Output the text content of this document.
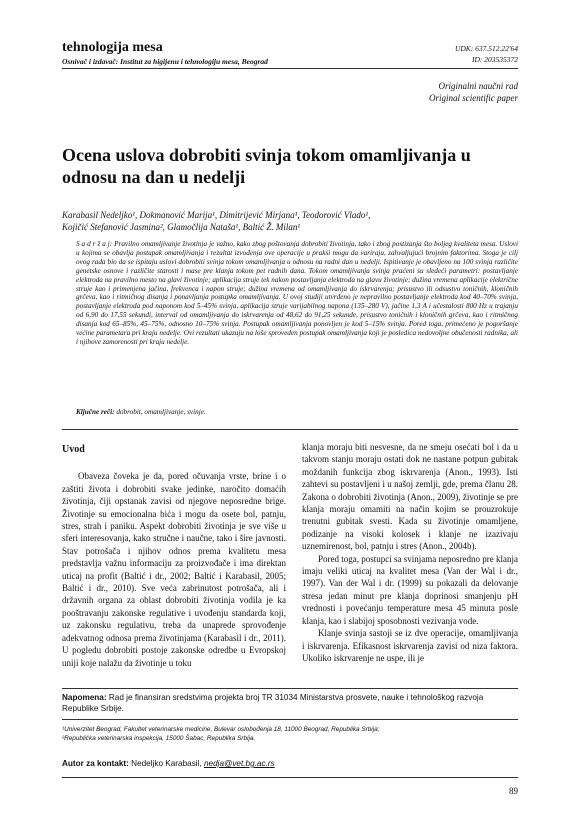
tehnologija mesa
Osnivač i izdavač: Institut za higijenu i tehnologiju mesa, Beograd
UDK: 637.512.22'64
ID: 203535372
Originalni naučni rad
Original scientific paper
Ocena uslova dobrobiti svinja tokom omamljivanja u odnosu na dan u nedelji
Karabasil Nedeljko¹, Dokmanović Marija¹, Dimitrijević Mirjana¹, Teodorović Vlado¹,
Kojičić Stefanović Jasmina², Glamočlija Nataša¹, Baltić Ž. Milan¹
S a d r ž a j: Pravilno omamljivanje životinja je važno, kako zbog poštovanja dobrobiti životinja, tako i zbog postizanja što boljeg kvaliteta mesa. Uslovi u kojima se obavlja postupak omamljivanja i rezultat izvođenja ove operacije u praksi mogu da variraju, zahvaljujući brojnim faktorima. Stoga je cilj ovog rada bio da se ispitaju uslovi dobrobiti svinja tokom omamljivanja u odnosu na radni dan u nedelji. Ispitivanje je obavljeno na 100 svinja različite genetske osnove i različite starosti i mase pre klanja tokom pet radnih dana. Tokom omamljivanja svinja praćeni su sledeći parametri: postavljanje elektroda na pravilno mesto na glavi životinje; aplikacija struje tek nakon postavljanja elektroda na glavu životinje; dužina vremena aplikacije električne struje kao i primenjena jačina, frekvenca i napon struje; dužina vremena od omamljivanja do iskrvarenja; prisustvo ili odsustvo toničnih, kloničnih grčeva, kao i ritmičnog disanja i ponavljanja postupka omamljivanja. U ovoj studiji utvrđeno je nepravilno postavljanje elektroda kod 40–70% svinja, postavljanje elektroda pod naponom kod 5–45% svinja, aplikacija struje varijabilnog napona (135–280 V), jačine 1,3 A i učestalosti 800 Hz u trajanju od 6,90 do 17,55 sekundi, interval od omamljivanja do iskrvarenja od 48,62 do 91,25 sekunde, prisustvo toničnih i kloničnih grčeva, kao i ritmičnog disanja kod 65–85%, 45–75%, odnosno 10–75% svinja. Postupak omamljivanja ponovljen je kod 5–15% svinja. Pored toga, primećeno je pogoršanje većine parametara pri kraju nedelje. Ovi rezultati ukazuju na loše sproveden postupak omamljivanja koji je posledica nedovoljne obučenosti radnika, ali i njihove zamorenosti pri kraju nedelje.
Ključne reči: dobrobit, omamljivanje, svinje.
Uvod

Obaveza čoveka je da, pored očuvanja vrste, brine i o zaštiti života i dobrobiti svake jedinke, naročito domaćih životinja, čiji opstanak zavisi od njegove neposredne brige. Životinje su emocionalna bića i mogu da osete bol, patnju, stres, strah i paniku. Aspekt dobrobiti životinja je sve više u sferi interesovanja, kako stručne i naučne, tako i šire javnosti. Stav potrošača i njihov odnos prema kvalitetu mesa predstavlja važnu informaciju za proizvođače i ima direktan uticaj na profit (Baltić i dr., 2002; Baltić i Karabasil, 2005; Baltić i dr., 2010). Sve veća zabrinutost potrošača, ali i državnih organa za oblast dobrobiti životinja vodila je ka pooštravanju zakonske regulative i uvođenju standarda koji, uz zakonsku regulativu, treba da unaprede sprovođenje adekvatnog odnosa prema životinjama (Karabasil i dr., 2011). U pogledu dobrobiti postoje zakonske odredbe u Evropskoj uniji koje nalažu da životinje u toku

klanja moraju biti nesvesne, da ne smeju osećati bol i da u takvom stanju moraju ostati dok ne nastane potpun gubitak moždanih funkcija zbog iskrvarenja (Anon., 1993). Isti zahtevi su postavljeni i u našoj zemlji, gde, prema članu 28. Zakona o dobrobiti životinja (Anon., 2009), životinje se pre klanja moraju omamiti na način kojim se prouzrokuje trenutni gubitak svesti. Kada su životinje omamljene, podizanje na visoki kolosek i klanje ne izazivaju uznemirenost, bol, patnju i stres (Anon., 2004b).

Pored toga, postupci sa svinjama neposredno pre klanja imaju veliki uticaj na kvalitet mesa (Van der Wal i dr., 1997). Van der Wal i dr. (1999) su pokazali da delovanje stresa jedan minut pre klanja doprinosi smanjenju pH vrednosti i povećanju temperature mesa 45 minuta posle klanja, kao i slabijoj sposobnosti vezivanja vode.

Klanje svinja sastoji se iz dve operacije, omamljivanja i iskrvarenja. Efikasnost iskrvarenja zavisi od niza faktora. Ukoliko iskrvarenje ne uspe, ili je

Napomena: Rad je finansiran sredstvima projekta broj TR 31034 Ministarstva prosvete, nauke i tehnološkog razvoja Republike Srbije.
¹Univerzitet Beograd, Fakultet veterinarske medicine, Bulevar oslobođenja 18, 11000 Beograd, Republika Srbija;
²Republička veterinarska inspekcija, 15000 Šabac, Republika Srbija.
Autor za kontakt: Nedeljko Karabasil, nedja@vet.bg.ac.rs
89
